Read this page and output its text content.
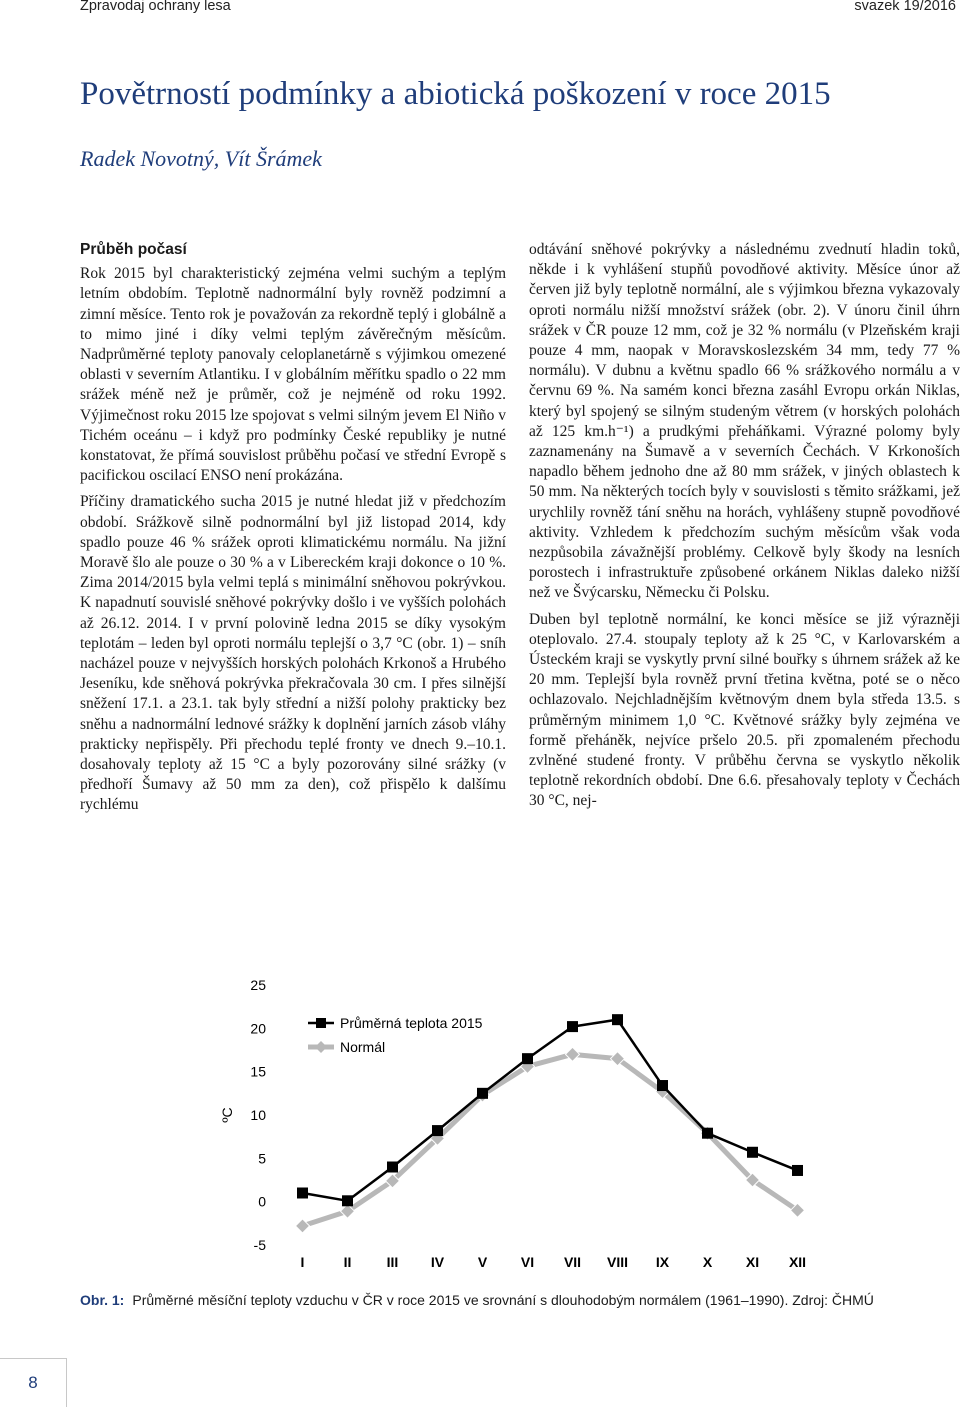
Zpravodaj ochrany lesa	svazek 19/2016
Povětrností podmínky a abiotická poškození v roce 2015
Radek Novotný, Vít Šrámek
Průběh počasí

Rok 2015 byl charakteristický zejména velmi suchým a teplým letním obdobím. Teplotně nadnormální byly rovněž podzimní a zimní měsíce. Tento rok je považován za rekordně teplý i globálně a to mimo jiné i díky velmi teplým závěrečným měsícům. Nadprůměrné teploty panovaly celoplanetárně s výjimkou omezené oblasti v severním Atlantiku. I v globálním měřítku spadlo o 22 mm srážek méně než je průměr, což je nejméně od roku 1992. Výjimečnost roku 2015 lze spojovat s velmi silným jevem El Niño v Tichém oceánu – i když pro podmínky České republiky je nutné konstatovat, že přímá souvislost průběhu počasí ve střední Evropě s pacifickou oscilací ENSO není prokázána.

Příčiny dramatického sucha 2015 je nutné hledat již v předchozím období. Srážkově silně podnormální byl již listopad 2014, kdy spadlo pouze 46 % srážek oproti klimatickému normálu. Na jižní Moravě šlo ale pouze o 30 % a v Libereckém kraji dokonce o 10 %. Zima 2014/2015 byla velmi teplá s minimální sněhovou pokrývkou. K napadnutí souvislé sněhové pokrývky došlo i ve vyšších polohách až 26.12. 2014. I v první polovině ledna 2015 se díky vysokým teplotám – leden byl oproti normálu teplejší o 3,7 °C (obr. 1) – sníh nacházel pouze v nejvyšších horských polohách Krkonoš a Hrubého Jeseníku, kde sněhová pokrývka překračovala 30 cm. I přes silnější sněžení 17.1. a 23.1. tak byly střední a nižší polohy prakticky bez sněhu a nadnormální lednové srážky k doplnění jarních zásob vláhy prakticky nepřispěly. Při přechodu teplé fronty ve dnech 9.–10.1. dosahovaly teploty až 15 °C a byly pozorovány silné srážky (v předhoří Šumavy až 50 mm za den), což přispělo k dalšímu rychlému

odtávání sněhové pokrývky a následnému zvednutí hladin toků, někde i k vyhlášení stupňů povodňové aktivity. Měsíce únor až červen již byly teplotně normální, ale s výjimkou března vykazovaly oproti normálu nižší množství srážek (obr. 2). V únoru činil úhrn srážek v ČR pouze 12 mm, což je 32 % normálu (v Plzeňském kraji pouze 4 mm, naopak v Moravskoslezském 34 mm, tedy 77 % normálu). V dubnu a květnu spadlo 66 % srážkového normálu a v červnu 69 %. Na samém konci března zasáhl Evropu orkán Niklas, který byl spojený se silným studeným větrem (v horských polohách až 125 km.h⁻¹) a prudkými přeháňkami. Výrazné polomy byly zaznamenány na Šumavě a v severních Čechách. V Krkonoších napadlo během jednoho dne až 80 mm srážek, v jiných oblastech k 50 mm. Na některých tocích byly v souvislosti s těmito srážkami, jež urychlily rovněž tání sněhu na horách, vyhlášeny stupně povodňové aktivity. Vzhledem k předchozím suchým měsícům však voda nezpůsobila závažnější problémy. Celkově byly škody na lesních porostech i infrastruktuře způsobené orkánem Niklas daleko nižší než ve Švýcarsku, Německu či Polsku.

Duben byl teplotně normální, ke konci měsíce se již výrazněji oteplovalo. 27.4. stoupaly teploty až k 25 °C, v Karlovarském a Ústeckém kraji se vyskytly první silné bouřky s úhrnem srážek až ke 20 mm. Teplejší byla rovněž první třetina května, poté se o něco ochlazovalo. Nejchladnějším květnovým dnem byla středa 13.5. s průměrným minimem 1,0 °C. Květnové srážky byly zejména ve formě přeháněk, nejvíce pršelo 20.5. při zpomaleném přechodu zvlněné studené fronty. V průběhu června se vyskytlo několik teplotně rekordních období. Dne 6.6. přesahovaly teploty v Čechách 30 °C, nej-

-5
0
5
10
15
20
25
ºC
I	II	III IV V VI VII VIII IX X XI XII
Průměrná teplota 2015
Normál
Obr. 1: Průměrné měsíční teploty vzduchu v ČR v roce 2015 ve srovnání s dlouhodobým normálem (1961–1990). Zdroj: ČHMÚ
8
